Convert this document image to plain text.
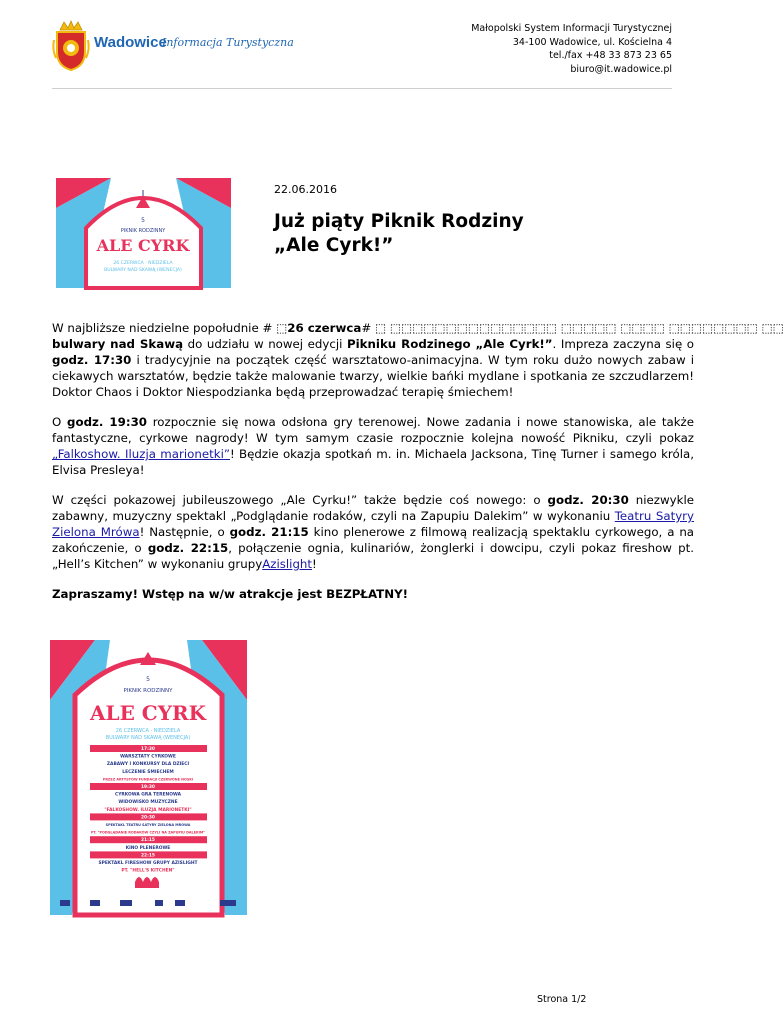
Wadowice
Informacja Turystyczna
Małopolski System Informacji Turystycznej
34-100 Wadowice, ul. Kościelna 4
tel./fax +48 33 873 23 65
biuro@it.wadowice.pl
5
PIKNIK RODZINNY
ALE CYRK
26 CZERWCA · NIEDZIELA
BULWARY NAD SKAWĄ (WENECJA)
22.06.2016
Już piąty Piknik Rodziny
„Ale Cyrk!”

W najbliższe niedzielne popołudnie # ⬚26 czerwca# ⬚ ⬚⬚⬚⬚⬚⬚⬚⬚⬚⬚⬚⬚⬚⬚⬚ ⬚⬚⬚⬚⬚ ⬚⬚⬚⬚ ⬚⬚⬚⬚⬚⬚⬚⬚ ⬚⬚

bulwary nad Skawą do udziału w nowej edycji Pikniku Rodzinego „Ale Cyrk!”. Impreza zaczyna się o godz. 17:30 i tradycyjnie na początek część warsztatowo-animacyjna. W tym roku dużo nowych zabaw i ciekawych warsztatów, będzie także malowanie twarzy, wielkie bańki mydlane i spotkania ze szczudlarzem! Doktor Chaos i Doktor Niespodzianka będą przeprowadzać terapię śmiechem!

O godz. 19:30 rozpocznie się nowa odsłona gry terenowej. Nowe zadania i nowe stanowiska, ale także fantastyczne, cyrkowe nagrody! W tym samym czasie rozpocznie kolejna nowość Pikniku, czyli pokaz „Falkoshow. Iluzja marionetki”! Będzie okazja spotkań m. in. Michaela Jacksona, Tinę Turner i samego króla, Elvisa Presleya!

W części pokazowej jubileuszowego „Ale Cyrku!” także będzie coś nowego: o godz. 20:30 niezwykle zabawny, muzyczny spektakl „Podglądanie rodaków, czyli na Zapupiu Dalekim” w wykonaniu Teatru Satyry Zielona Mrówa! Następnie, o godz. 21:15 kino plenerowe z filmową realizacją spektaklu cyrkowego, a na zakończenie, o godz. 22:15, połączenie ognia, kulinariów, żonglerki i dowcipu, czyli pokaz fireshow pt. „Hell’s Kitchen” w wykonaniu grupyAzislight!

Zapraszamy! Wstęp na w/w atrakcje jest BEZPŁATNY!

5
PIKNIK RODZINNY
ALE CYRK
26 CZERWCA · NIEDZIELA
BULWARY NAD SKAWĄ (WENECJA)
17:30
WARSZTATY CYRKOWE
ZABAWY I KONKURSY DLA DZIECI
LECZENIE ŚMIECHEM
PRZEZ ARTYSTÓW FUNDACJI CZERWONE NOSKI
19:30
CYRKOWA GRA TERENOWA
WIDOWISKO MUZYCZNE
"FALKOSHOW. ILUZJA MARIONETKI"
20:30
SPEKTAKL TEATRU SATYRY ZIELONA MRÓWA
PT. "PODGLĄDANIE RODAKÓW CZYLI NA ZAPUPIU DALEKIM"
21:15
KINO PLENEROWE
22:15
SPEKTAKL FIRESHOW GRUPY AZISLIGHT
PT. "HELL'S KITCHEN"
Strona 1/2
